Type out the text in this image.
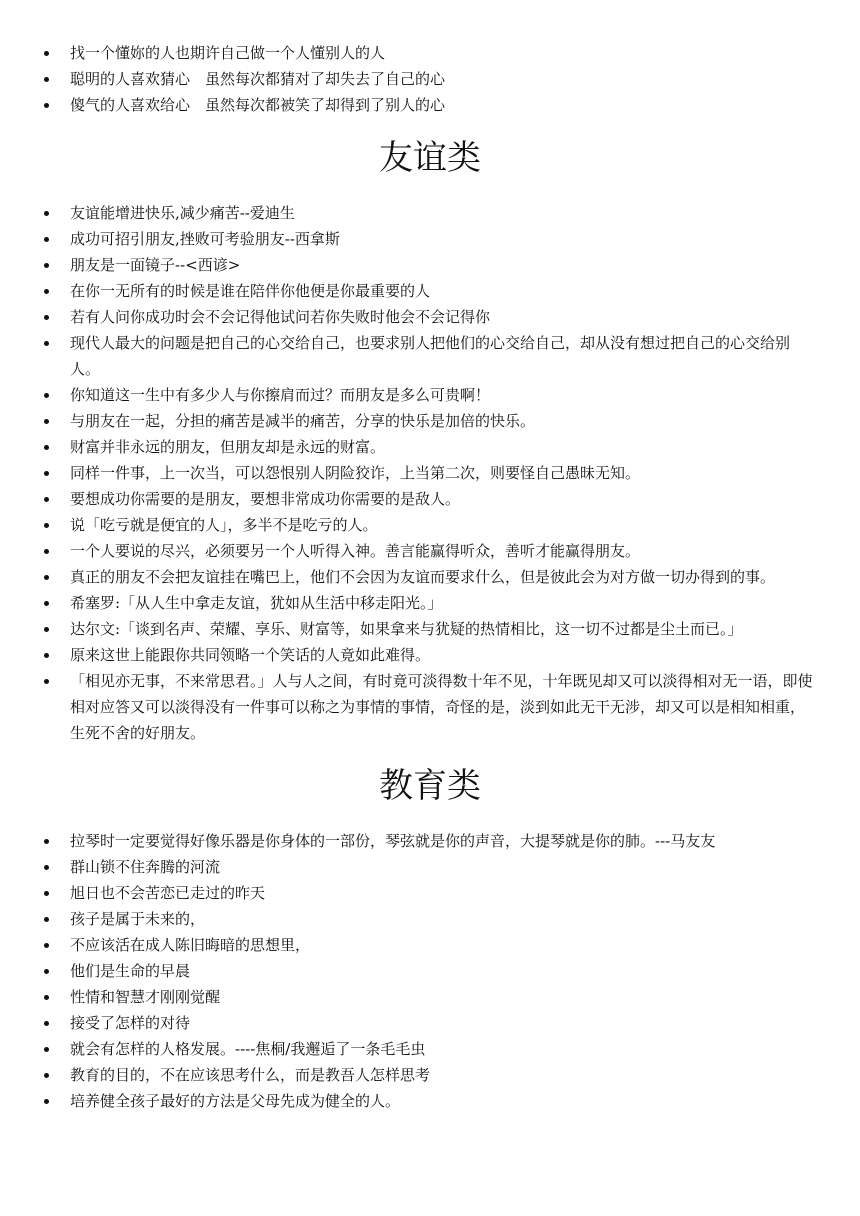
找一个懂妳的人也期许自己做一个人懂别人的人
聪明的人喜欢猜心　虽然每次都猜对了却失去了自己的心
傻气的人喜欢给心　虽然每次都被笑了却得到了别人的心
友谊类
友谊能增进快乐,减少痛苦--爱迪生
成功可招引朋友,挫败可考验朋友--西拿斯
朋友是一面镜子--<西谚>
在你一无所有的时候是谁在陪伴你他便是你最重要的人
若有人问你成功时会不会记得他试问若你失败时他会不会记得你
现代人最大的问题是把自己的心交给自己，也要求别人把他们的心交给自己，却从没有想过把自己的心交给别人。
你知道这一生中有多少人与你擦肩而过？而朋友是多么可贵啊！
与朋友在一起，分担的痛苦是减半的痛苦，分享的快乐是加倍的快乐。
财富并非永远的朋友，但朋友却是永远的财富。
同样一件事，上一次当，可以怨恨别人阴险狡诈，上当第二次，则要怪自己愚昧无知。
要想成功你需要的是朋友，要想非常成功你需要的是敌人。
说「吃亏就是便宜的人」，多半不是吃亏的人。
一个人要说的尽兴，必须要另一个人听得入神。善言能赢得听众，善听才能赢得朋友。
真正的朋友不会把友谊挂在嘴巴上，他们不会因为友谊而要求什么，但是彼此会为对方做一切办得到的事。
希塞罗:「从人生中拿走友谊，犹如从生活中移走阳光。」
达尔文:「谈到名声、荣耀、享乐、财富等，如果拿来与犹疑的热情相比，这一切不过都是尘土而已。」
原来这世上能跟你共同领略一个笑话的人竟如此难得。
「相见亦无事，不来常思君。」人与人之间，有时竟可淡得数十年不见，十年既见却又可以淡得相对无一语，即使相对应答又可以淡得没有一件事可以称之为事情的事情，奇怪的是，淡到如此无干无涉，却又可以是相知相重，生死不舍的好朋友。
教育类
拉琴时一定要觉得好像乐器是你身体的一部份，琴弦就是你的声音，大提琴就是你的肺。---马友友
群山锁不住奔腾的河流
旭日也不会苦恋已走过的昨天
孩子是属于未来的，
不应该活在成人陈旧晦暗的思想里，
他们是生命的早晨
性情和智慧才刚刚觉醒
接受了怎样的对待
就会有怎样的人格发展。----焦桐/我邂逅了一条毛毛虫
教育的目的，不在应该思考什么，而是教吾人怎样思考
培养健全孩子最好的方法是父母先成为健全的人。
